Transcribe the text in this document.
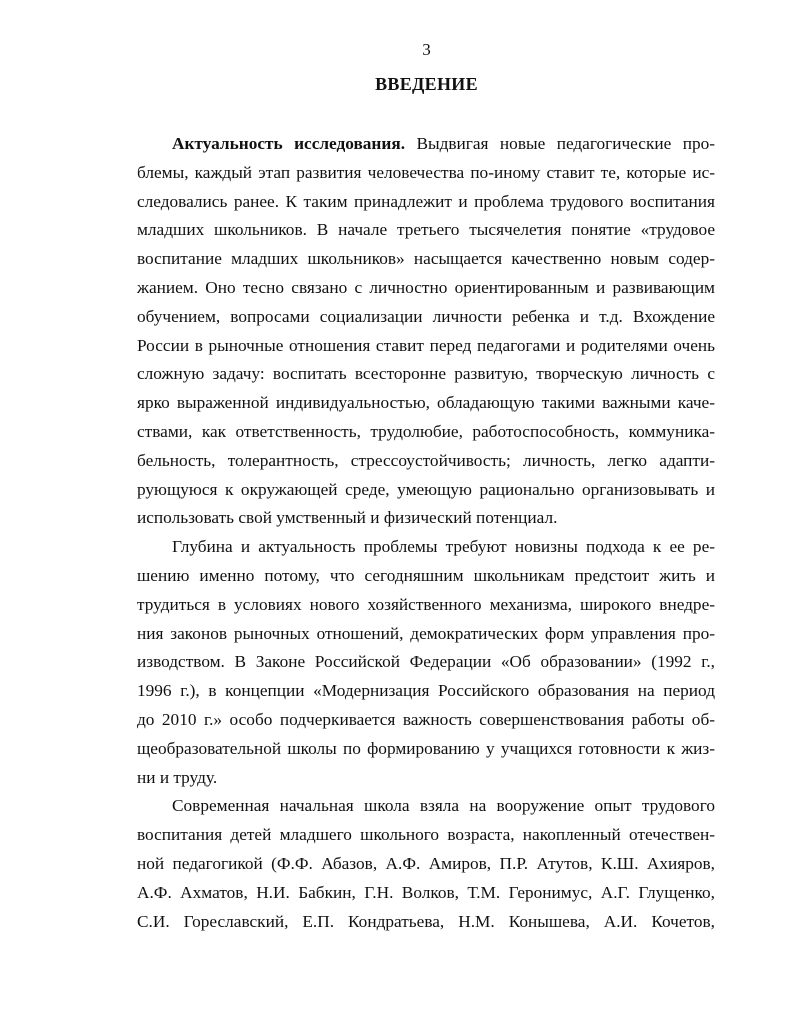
3
ВВЕДЕНИЕ
Актуальность исследования. Выдвигая новые педагогические про-
блемы, каждый этап развития человечества по-иному ставит те, которые ис-
следовались ранее. К таким принадлежит и проблема трудового воспитания
младших школьников. В начале третьего тысячелетия понятие «трудовое
воспитание младших школьников» насыщается качественно новым содер-
жанием. Оно тесно связано с личностно ориентированным и развивающим
обучением, вопросами социализации личности ребенка и т.д. Вхождение
России в рыночные отношения ставит перед педагогами и родителями очень
сложную задачу: воспитать всесторонне развитую, творческую личность с
ярко выраженной индивидуальностью, обладающую такими важными каче-
ствами, как ответственность, трудолюбие, работоспособность, коммуника-
бельность, толерантность, стрессоустойчивость; личность, легко адапти-
рующуюся к окружающей среде, умеющую рационально организовывать и
использовать свой умственный и физический потенциал.
Глубина и актуальность проблемы требуют новизны подхода к ее ре-
шению именно потому, что сегодняшним школьникам предстоит жить и
трудиться в условиях нового хозяйственного механизма, широкого внедре-
ния законов рыночных отношений, демократических форм управления про-
изводством. В Законе Российской Федерации «Об образовании» (1992 г.,
1996 г.), в концепции «Модернизация Российского образования на период
до 2010 г.» особо подчеркивается важность совершенствования работы об-
щеобразовательной школы по формированию у учащихся готовности к жиз-
ни и труду.
Современная начальная школа взяла на вооружение опыт трудового
воспитания детей младшего школьного возраста, накопленный отечествен-
ной педагогикой (Ф.Ф. Абазов, А.Ф. Амиров, П.Р. Атутов, К.Ш. Ахияров,
А.Ф. Ахматов, Н.И. Бабкин, Г.Н. Волков, Т.М. Геронимус, А.Г. Глущенко,
С.И. Гореславский, Е.П. Кондратьева, Н.М. Конышева, А.И. Кочетов,
